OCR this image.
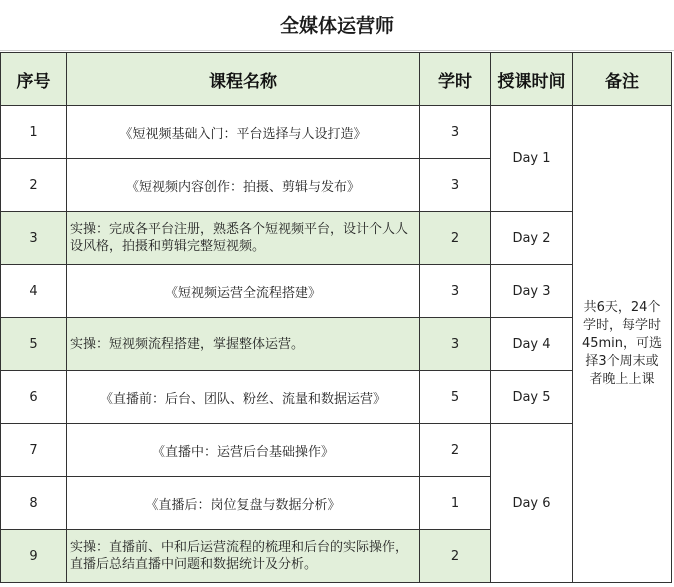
全媒体运营师
序号	课程名称	学时	授课时间	备注
1	《短视频基础入门：平台选择与人设打造》	3	Day 1	共6天，24个学时，每学时45min，可选择3个周末或者晚上上课
2	《短视频内容创作：拍摄、剪辑与发布》	3		
3	实操：完成各平台注册，熟悉各个短视频平台，设计个人人设风格，拍摄和剪辑完整短视频。	2	Day 2	
4	《短视频运营全流程搭建》	3	Day 3	
5	实操：短视频流程搭建，掌握整体运营。	3	Day 4	
6	《直播前：后台、团队、粉丝、流量和数据运营》	5	Day 5	
7	《直播中：运营后台基础操作》	2	Day 6	
8	《直播后：岗位复盘与数据分析》	1		
9	实操：直播前、中和后运营流程的梳理和后台的实际操作，直播后总结直播中问题和数据统计及分析。	2		
